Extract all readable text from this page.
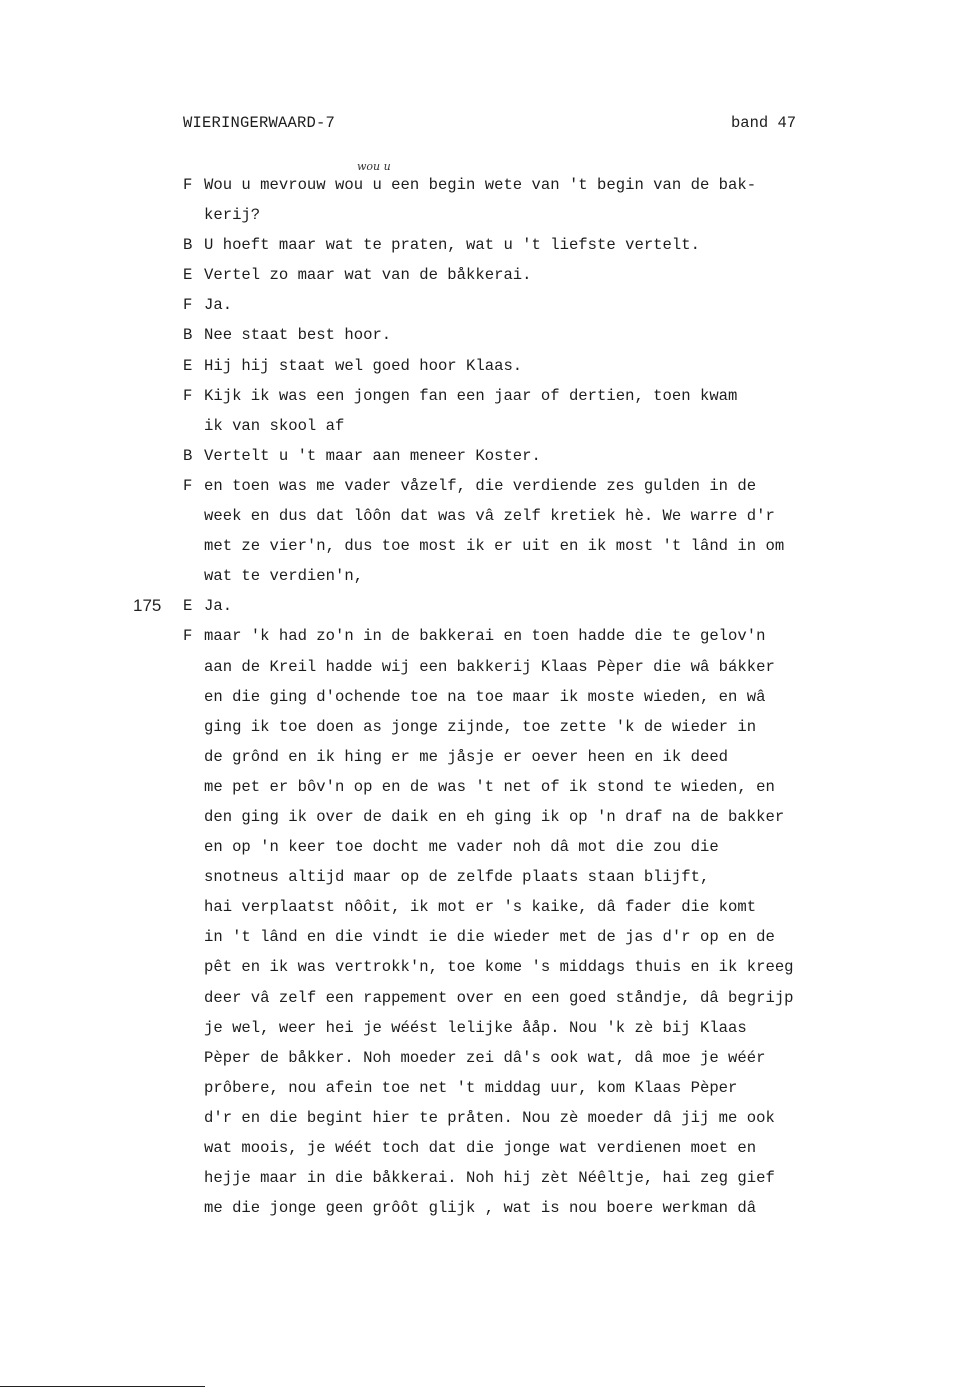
WIERINGERWAARD-7	band 47
wou u
F Wou u mevrouw wou u een begin wete van 't begin van de bak-
kerij?
B U hoeft maar wat te praten, wat u 't liefste vertelt.
E Vertel zo maar wat van de båkkerai.
F Ja.
B Nee staat best hoor.
E Hij hij staat wel goed hoor Klaas.
F Kijk ik was een jongen fan een jaar of dertien, toen kwam
ik van skool af
B Vertelt u 't maar aan meneer Koster.
F en toen was me vader våzelf, die verdiende zes gulden in de
week en dus dat lôôn dat was vâ zelf kretiek hè. We warre d'r
met ze vier'n, dus toe most ik er uit en ik most 't lând in om
wat te verdien'n,
E Ja.
175
F maar 'k had zo'n in de bakkerai en toen hadde die te gelov'n
aan de Kreil hadde wij een bakkerij Klaas Pèper die wâ bákker
en die ging d'ochende toe na toe maar ik moste wieden, en wâ
ging ik toe doen as jonge zijnde, toe zette 'k de wieder in
de grônd en ik hing er me jåsje er oever heen en ik deed
me pet er bôv'n op en de was 't net of ik stond te wieden, en
den ging ik over de daik en eh ging ik op 'n draf na de bakker
en op 'n keer toe docht me vader noh dâ mot die zou die
snotneus altijd maar op de zelfde plaats staan blijft,
hai verplaatst nôôit, ik mot er 's kaike, dâ fader die komt
in 't lând en die vindt ie die wieder met de jas d'r op en de
pêt en ik was vertrokk'n, toe kome 's middags thuis en ik kreeg
deer vâ zelf een rappement over en een goed ståndje, dâ begrijp
je wel, weer hei je wéést lelijke ååp. Nou 'k zè bij Klaas
Pèper de båkker. Noh moeder zei dâ's ook wat, dâ moe je wéér
prôbere, nou afein toe net 't middag uur, kom Klaas Pèper
d'r en die begint hier te pråten. Nou zè moeder dâ jij me ook
wat moois, je wéét toch dat die jonge wat verdienen moet en
hejje maar in die båkkerai. Noh hij zèt Néêltje, hai zeg gief
me die jonge geen grôôt glijk , wat is nou boere werkman dâ
